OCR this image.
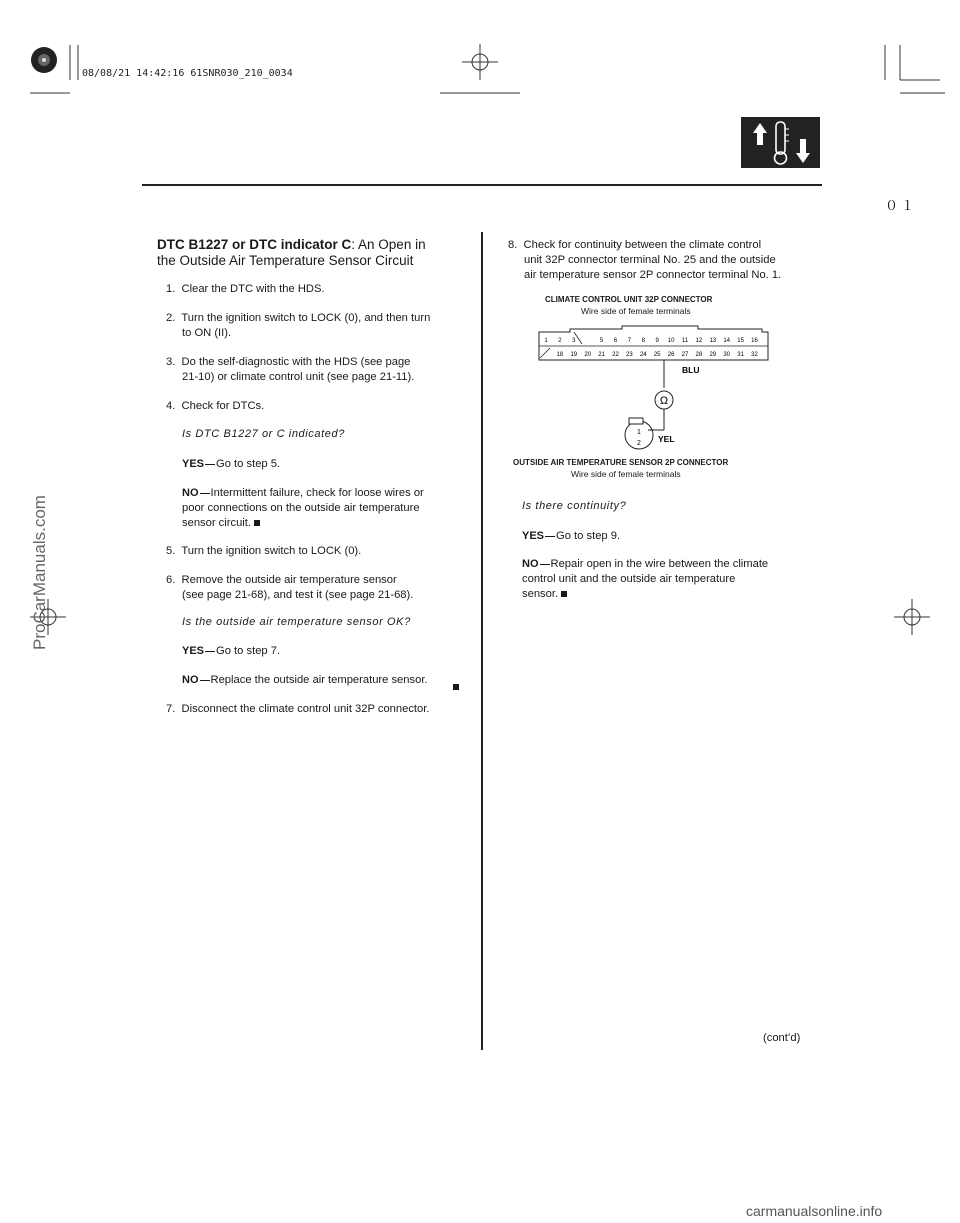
08/08/21 14:42:16 61SNR030_210_0034
ProCarManuals.com
０１
DTC B1227 or DTC indicator C: An Open in
the Outside Air Temperature Sensor Circuit
1.  Clear the DTC with the HDS.
2.  Turn the ignition switch to LOCK (0), and then turn
to ON (II).
3.  Do the self-diagnostic with the HDS (see page
21-10) or climate control unit (see page 21-11).
4.  Check for DTCs.
Is DTC B1227 or C indicated?
YES Go to step 5.
NO Intermittent failure, check for loose wires or
poor connections on the outside air temperature
sensor circuit.
5.  Turn the ignition switch to LOCK (0).
6.  Remove the outside air temperature sensor
(see page 21-68), and test it (see page 21-68).
Is the outside air temperature sensor OK?
YES Go to step 7.
NO Replace the outside air temperature sensor.
7.  Disconnect the climate control unit 32P connector.
8.  Check for continuity between the climate control
unit 32P connector terminal No. 25 and the outside
air temperature sensor 2P connector terminal No. 1.
CLIMATE CONTROL UNIT 32P CONNECTOR
Wire side of female terminals
1 2 3	5 6 7 8 9 10 11 12 13 14 15 16
18 19 20 21 22 23 24 25 26 27 28 29 30 31 32
Ω
1
2
BLU
YEL
OUTSIDE AIR TEMPERATURE SENSOR 2P CONNECTOR
Wire side of female terminals
Is there continuity?
YES Go to step 9.
NO Repair open in the wire between the climate
control unit and the outside air temperature
sensor.
(cont’d)
carmanualsonline.info
